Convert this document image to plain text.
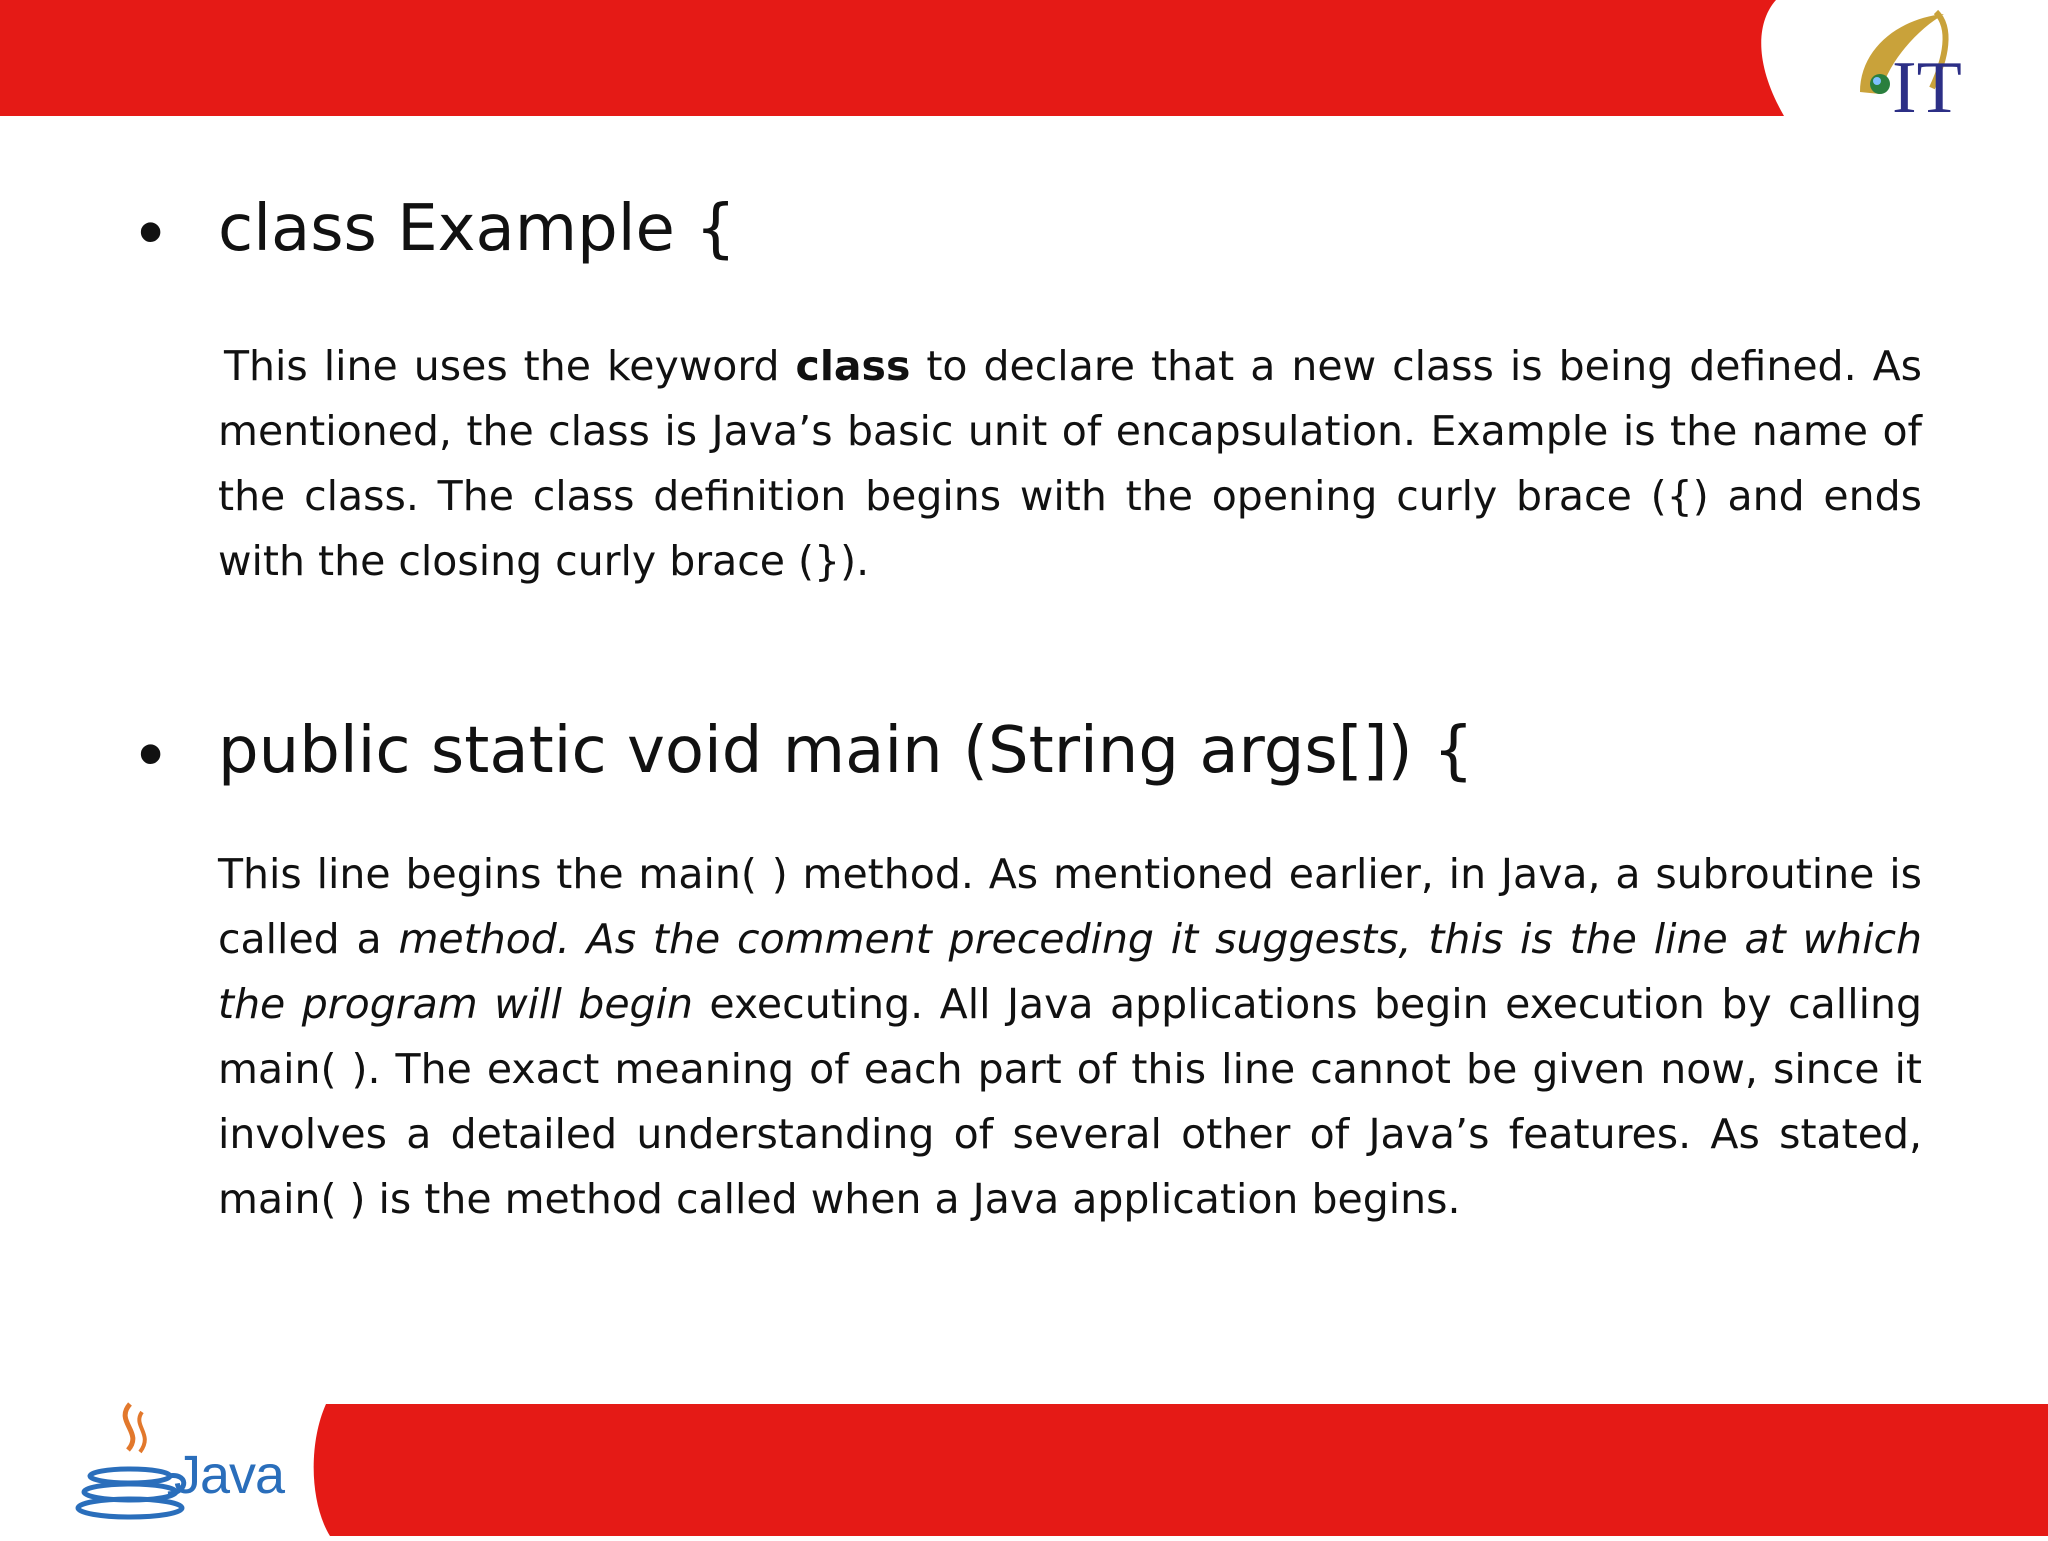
IT
• class Example {
This line uses the keyword class to declare that a new class is being defined. As mentioned, the class is Java’s basic unit of encapsulation. Example is the name of the class. The class definition begins with the opening curly brace ({) and ends with the closing curly brace (}).
• public static void main (String args[]) {
This line begins the main( ) method. As mentioned earlier, in Java, a subroutine is called a method. As the comment preceding it suggests, this is the line at which the program will begin executing. All Java applications begin execution by calling main( ). The exact meaning of each part of this line cannot be given now, since it involves a detailed understanding of several other of Java’s features. As stated, main( ) is the method called when a Java application begins.
Java
